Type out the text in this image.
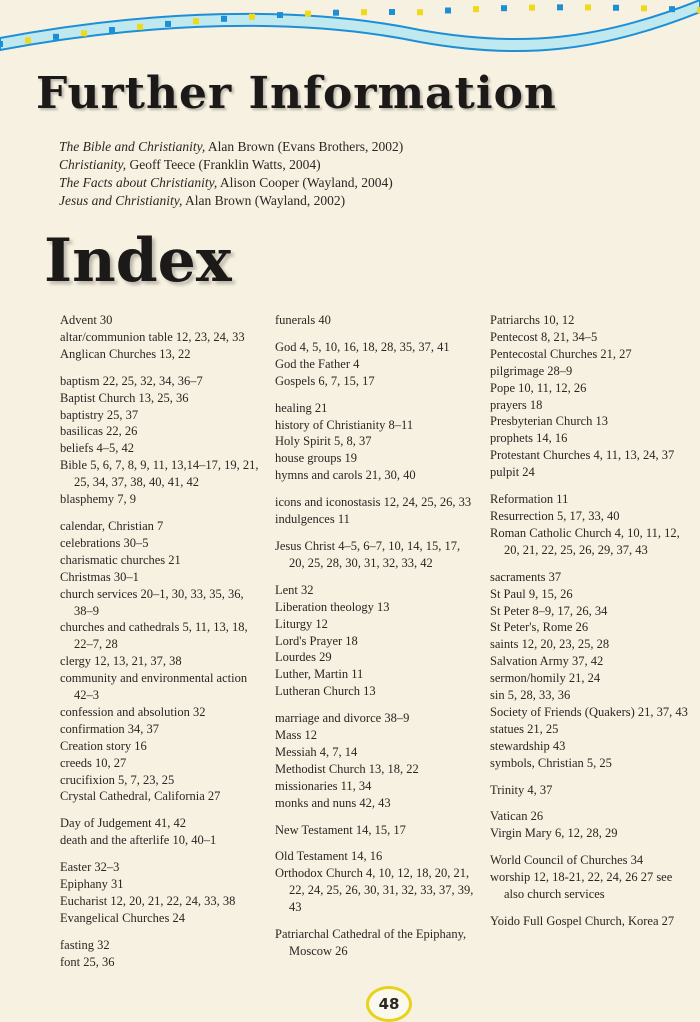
Further Information
The Bible and Christianity, Alan Brown (Evans Brothers, 2002)
Christianity, Geoff Teece (Franklin Watts, 2004)
The Facts about Christianity, Alison Cooper (Wayland, 2004)
Jesus and Christianity, Alan Brown (Wayland, 2002)
Index
Advent 30
altar/communion table 12, 23, 24, 33
Anglican Churches 13, 22
baptism 22, 25, 32, 34, 36–7
Baptist Church 13, 25, 36
baptistry 25, 37
basilicas 22, 26
beliefs 4–5, 42
Bible 5, 6, 7, 8, 9, 11, 13,14–17, 19, 21, 25, 34, 37, 38, 40, 41, 42
blasphemy 7, 9
calendar, Christian 7
celebrations 30–5
charismatic churches 21
Christmas 30–1
church services 20–1, 30, 33, 35, 36, 38–9
churches and cathedrals 5, 11, 13, 18, 22–7, 28
clergy 12, 13, 21, 37, 38
community and environmental action 42–3
confession and absolution 32
confirmation 34, 37
Creation story 16
creeds 10, 27
crucifixion 5, 7, 23, 25
Crystal Cathedral, California 27
Day of Judgement 41, 42
death and the afterlife 10, 40–1
Easter 32–3
Epiphany 31
Eucharist 12, 20, 21, 22, 24, 33, 38
Evangelical Churches 24
fasting 32
font 25, 36
funerals 40
God 4, 5, 10, 16, 18, 28, 35, 37, 41
God the Father 4
Gospels 6, 7, 15, 17
healing 21
history of Christianity 8–11
Holy Spirit 5, 8, 37
house groups 19
hymns and carols 21, 30, 40
icons and iconostasis 12, 24, 25, 26, 33
indulgences 11
Jesus Christ 4–5, 6–7, 10, 14, 15, 17, 20, 25, 28, 30, 31, 32, 33, 42
Lent 32
Liberation theology 13
Liturgy 12
Lord's Prayer 18
Lourdes 29
Luther, Martin 11
Lutheran Church 13
marriage and divorce 38–9
Mass 12
Messiah 4, 7, 14
Methodist Church 13, 18, 22
missionaries 11, 34
monks and nuns 42, 43
New Testament 14, 15, 17
Old Testament 14, 16
Orthodox Church 4, 10, 12, 18, 20, 21, 22, 24, 25, 26, 30, 31, 32, 33, 37, 39, 43
Patriarchal Cathedral of the Epiphany, Moscow 26
Patriarchs 10, 12
Pentecost 8, 21, 34–5
Pentecostal Churches 21, 27
pilgrimage 28–9
Pope 10, 11, 12, 26
prayers 18
Presbyterian Church 13
prophets 14, 16
Protestant Churches 4, 11, 13, 24, 37
pulpit 24
Reformation 11
Resurrection 5, 17, 33, 40
Roman Catholic Church 4, 10, 11, 12, 20, 21, 22, 25, 26, 29, 37, 43
sacraments 37
St Paul 9, 15, 26
St Peter 8–9, 17, 26, 34
St Peter's, Rome 26
saints 12, 20, 23, 25, 28
Salvation Army 37, 42
sermon/homily 21, 24
sin 5, 28, 33, 36
Society of Friends (Quakers) 21, 37, 43
statues 21, 25
stewardship 43
symbols, Christian 5, 25
Trinity 4, 37
Vatican 26
Virgin Mary 6, 12, 28, 29
World Council of Churches 34
worship 12, 18-21, 22, 24, 26 27 see also church services
Yoido Full Gospel Church, Korea 27
48
